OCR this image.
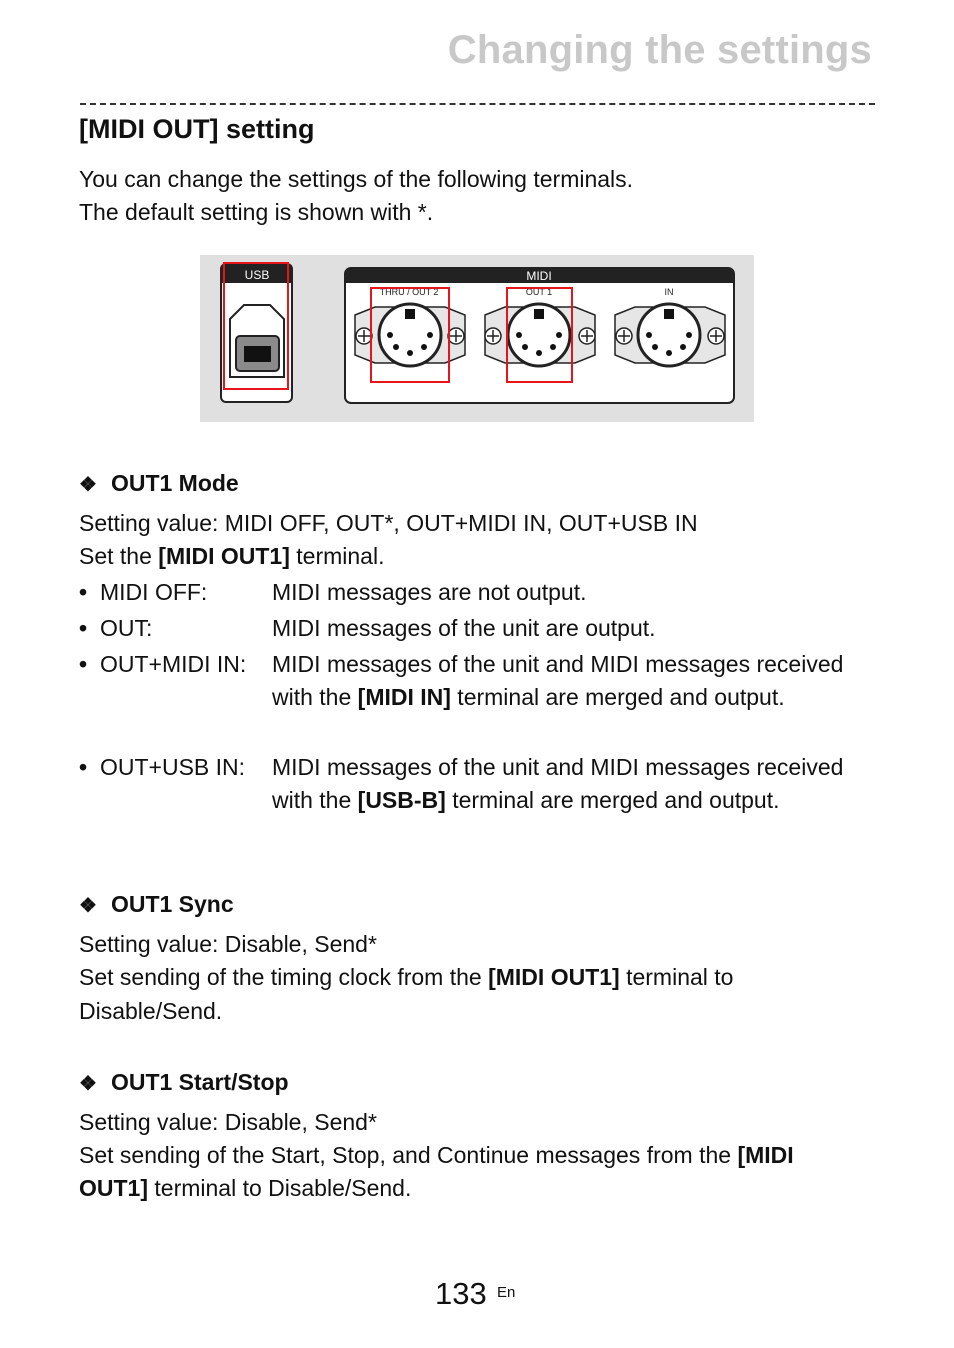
Changing the settings
[MIDI OUT] setting
You can change the settings of the following terminals.
The default setting is shown with *.
USB	MIDI
THRU / OUT 2	OUT 1	IN
❖ OUT1 Mode
Setting value: MIDI OFF, OUT*, OUT+MIDI IN, OUT+USB IN
Set the [MIDI OUT1] terminal.
• MIDI OFF:	MIDI messages are not output.
• OUT:	MIDI messages of the unit are output.
• OUT+MIDI IN: MIDI messages of the unit and MIDI messages received with the [MIDI IN] terminal are merged and output.
• OUT+USB IN: MIDI messages of the unit and MIDI messages received with the [USB-B] terminal are merged and output.
❖ OUT1 Sync
Setting value: Disable, Send*
Set sending of the timing clock from the [MIDI OUT1] terminal to
Disable/Send.
❖ OUT1 Start/Stop
Setting value: Disable, Send*
Set sending of the Start, Stop, and Continue messages from the [MIDI
OUT1] terminal to Disable/Send.
133 En
